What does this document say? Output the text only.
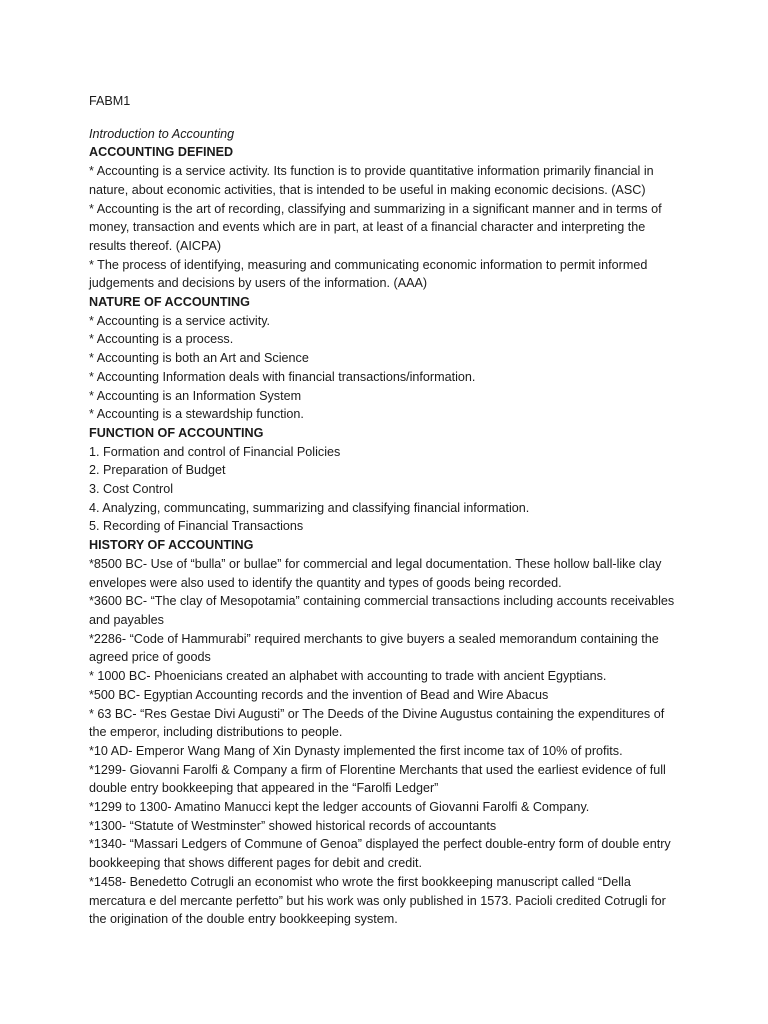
FABM1

Introduction to Accounting

ACCOUNTING DEFINED

* Accounting is a service activity. Its function is to provide quantitative information primarily financial in nature, about economic activities, that is intended to be useful in making economic decisions. (ASC)

* Accounting is the art of recording, classifying and summarizing in a significant manner and in terms of money, transaction and events which are in part, at least of a financial character and interpreting the results thereof. (AICPA)

* The process of identifying, measuring and communicating economic information to permit informed judgements and decisions by users of the information. (AAA)

NATURE OF ACCOUNTING

* Accounting is a service activity.

* Accounting is a process.

* Accounting is both an Art and Science

* Accounting Information deals with financial transactions/information.

* Accounting is an Information System

* Accounting is a stewardship function.

FUNCTION OF ACCOUNTING

1. Formation and control of Financial Policies

2. Preparation of Budget

3. Cost Control

4. Analyzing, communcating, summarizing and classifying financial information.

5. Recording of Financial Transactions

HISTORY OF ACCOUNTING

*8500 BC- Use of “bulla” or bullae” for commercial and legal documentation. These hollow ball-like clay envelopes were also used to identify the quantity and types of goods being recorded.

*3600 BC- “The clay of Mesopotamia” containing commercial transactions including accounts receivables and payables

*2286- “Code of Hammurabi” required merchants to give buyers a sealed memorandum containing the agreed price of goods

* 1000 BC- Phoenicians created an alphabet with accounting to trade with ancient Egyptians.

*500 BC- Egyptian Accounting records and the invention of Bead and Wire Abacus

* 63 BC- “Res Gestae Divi Augusti” or The Deeds of the Divine Augustus containing the expenditures of the emperor, including distributions to people.

*10 AD- Emperor Wang Mang of Xin Dynasty implemented the first income tax of 10% of profits.

*1299- Giovanni Farolfi & Company a firm of Florentine Merchants that used the earliest evidence of full double entry bookkeeping that appeared in the “Farolfi Ledger”

*1299 to 1300- Amatino Manucci kept the ledger accounts of Giovanni Farolfi & Company.

*1300- “Statute of Westminster” showed historical records of accountants

*1340- “Massari Ledgers of Commune of Genoa” displayed the perfect double-entry form of double entry bookkeeping that shows different pages for debit and credit.

*1458- Benedetto Cotrugli an economist who wrote the first bookkeeping manuscript called “Della mercatura e del mercante perfetto” but his work was only published in 1573. Pacioli credited Cotrugli for the origination of the double entry bookkeeping system.
